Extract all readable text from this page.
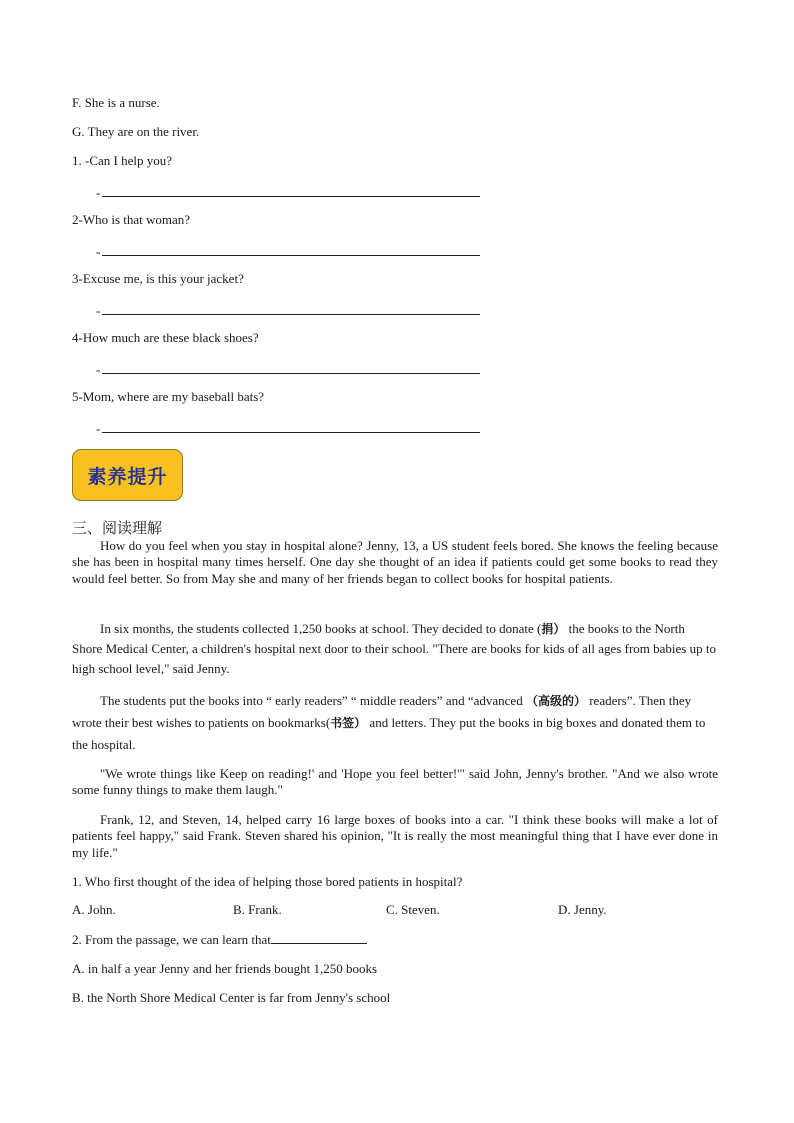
F. She is a nurse.
G. They are on the river.
1. -Can I help you?
-
2-Who is that woman?
-
3-Excuse me, is this your jacket?
-
4-How much are these black shoes?
-
5-Mom, where are my baseball bats?
-
素养提升
三、阅读理解
How do you feel when you stay in hospital alone? Jenny, 13, a US student feels bored. She knows the feeling because she has been in hospital many times herself. One day she thought of an idea if patients could get some books to read they would feel better. So from May she and many of her friends began to collect books for hospital patients.
In six months, the students collected 1,250 books at school. They decided to donate (捐） the books to the North Shore Medical Center, a children's hospital next door to their school. "There are books for kids of all ages from babies up to high school level," said Jenny.
The students put the books into “ early readers” “ middle readers” and “advanced （高级的） readers”. Then they wrote their best wishes to patients on bookmarks(书签） and letters. They put the books in big boxes and donated them to the hospital.
"We wrote things like Keep on reading!' and 'Hope you feel better!'" said John, Jenny's brother. "And we also wrote some funny things to make them laugh."
Frank, 12, and Steven, 14, helped carry 16 large boxes of books into a car. "I think these books will make a lot of patients feel happy," said Frank. Steven shared his opinion, "It is really the most meaningful thing that I have ever done in my life."
1. Who first thought of the idea of helping those bored patients in hospital?
A. John.	B. Frank.	C. Steven.	D. Jenny.
2. From the passage, we can learn that
A. in half a year Jenny and her friends bought 1,250 books
B. the North Shore Medical Center is far from Jenny's school
